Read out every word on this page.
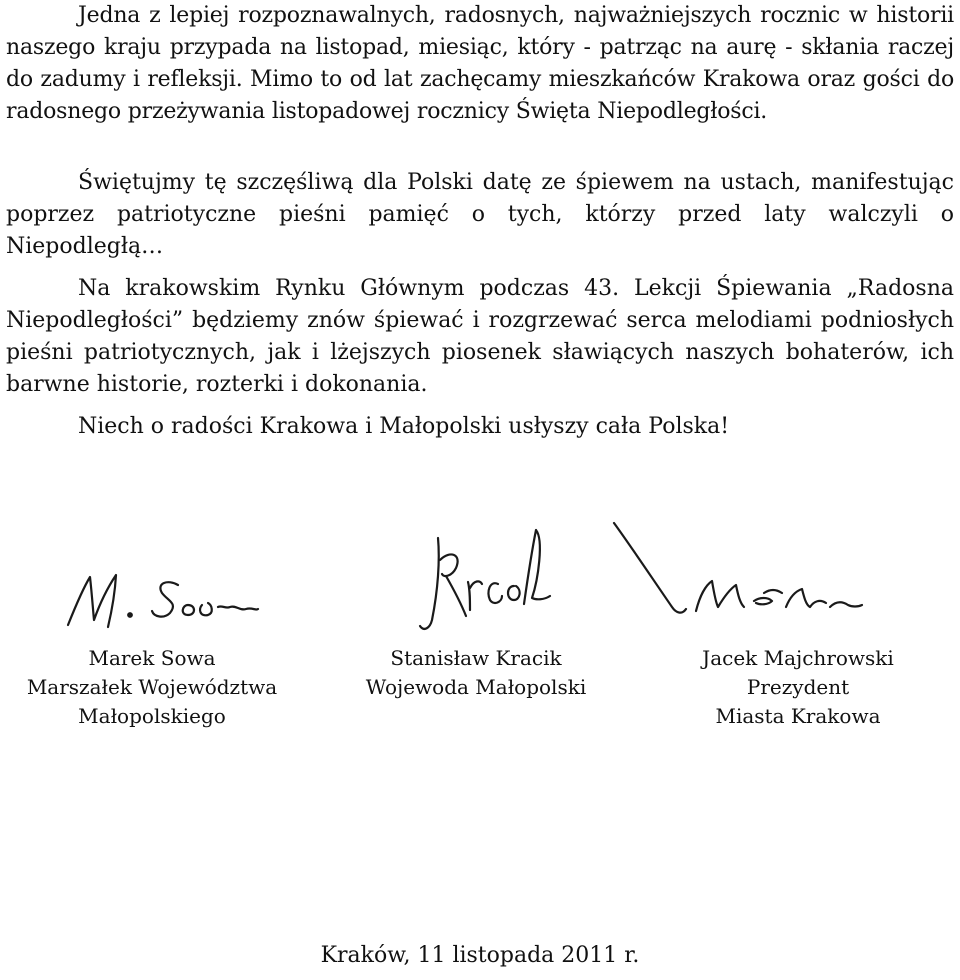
Jedna z lepiej rozpoznawalnych, radosnych, najważniejszych rocznic w historii naszego kraju przypada na listopad, miesiąc, który - patrząc na aurę - skłania raczej do zadumy i refleksji. Mimo to od lat zachęcamy mieszkańców Krakowa oraz gości do radosnego przeżywania listopadowej rocznicy Święta Niepodległości.

Świętujmy tę szczęśliwą dla Polski datę ze śpiewem na ustach, manifestując poprzez patriotyczne pieśni pamięć o tych, którzy przed laty walczyli o Niepodległą…

Na krakowskim Rynku Głównym podczas 43. Lekcji Śpiewania „Radosna Niepodległości” będziemy znów śpiewać i rozgrzewać serca melodiami podniosłych pieśni patriotycznych, jak i lżejszych piosenek sławiących naszych bohaterów, ich barwne historie, rozterki i dokonania.

Niech o radości Krakowa i Małopolski usłyszy cała Polska!

Marek Sowa
Marszałek Województwa
Małopolskiego
Stanisław Kracik
Wojewoda Małopolski
Jacek Majchrowski
Prezydent
Miasta Krakowa
Kraków, 11 listopada 2011 r.
